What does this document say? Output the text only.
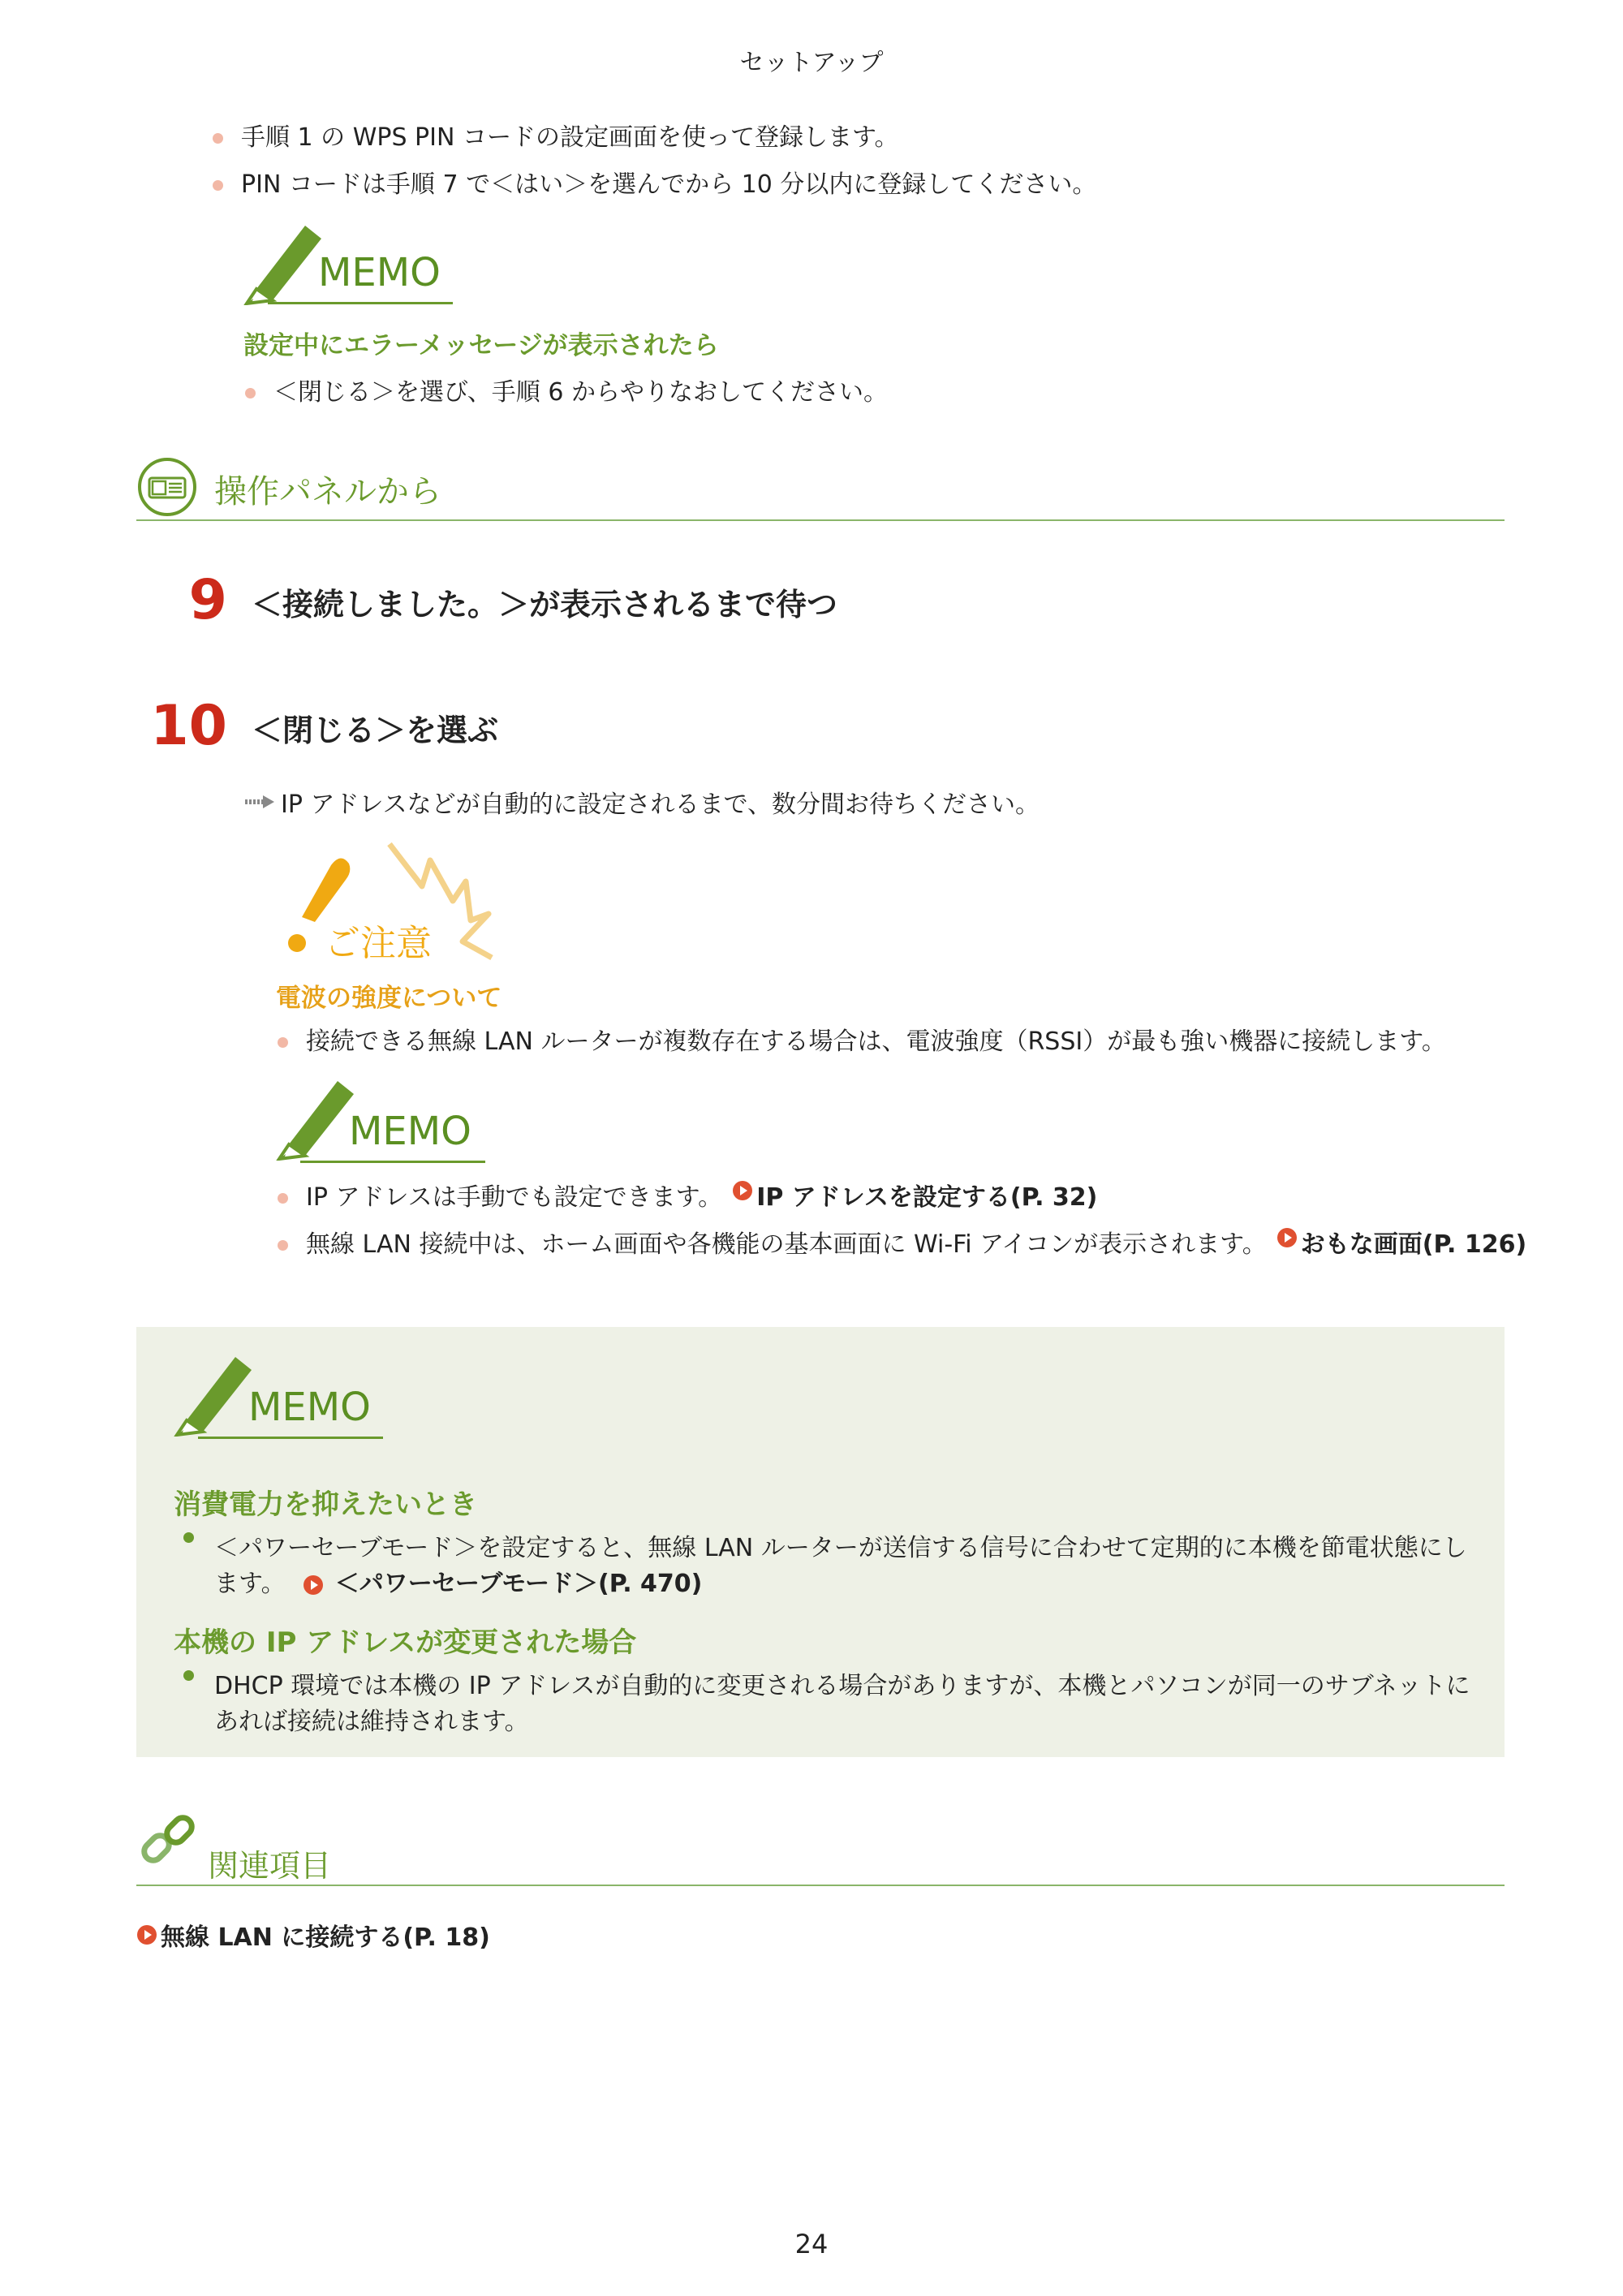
セットアップ
手順 1 の WPS PIN コードの設定画面を使って登録します。
PIN コードは手順 7 で＜はい＞を選んでから 10 分以内に登録してください。
MEMO
設定中にエラーメッセージが表示されたら
＜閉じる＞を選び、手順 6 からやりなおしてください。
操作パネルから
9 ＜接続しました。＞が表示されるまで待つ
10 ＜閉じる＞を選ぶ
IP アドレスなどが自動的に設定されるまで、数分間お待ちください。
ご注意
電波の強度について
接続できる無線 LAN ルーターが複数存在する場合は、電波強度（RSSI）が最も強い機器に接続します。
MEMO
IP アドレスは手動でも設定できます。 IP アドレスを設定する(P. 32)
無線 LAN 接続中は、ホーム画面や各機能の基本画面に Wi-Fi アイコンが表示されます。 おもな画面(P. 126)
MEMO
消費電力を抑えたいとき
＜パワーセーブモード＞を設定すると、無線 LAN ルーターが送信する信号に合わせて定期的に本機を節電状態にし
ます。 ＜パワーセーブモード＞(P. 470)
本機の IP アドレスが変更された場合
DHCP 環境では本機の IP アドレスが自動的に変更される場合がありますが、本機とパソコンが同一のサブネットに
あれば接続は維持されます。
関連項目
無線 LAN に接続する(P. 18)
24
